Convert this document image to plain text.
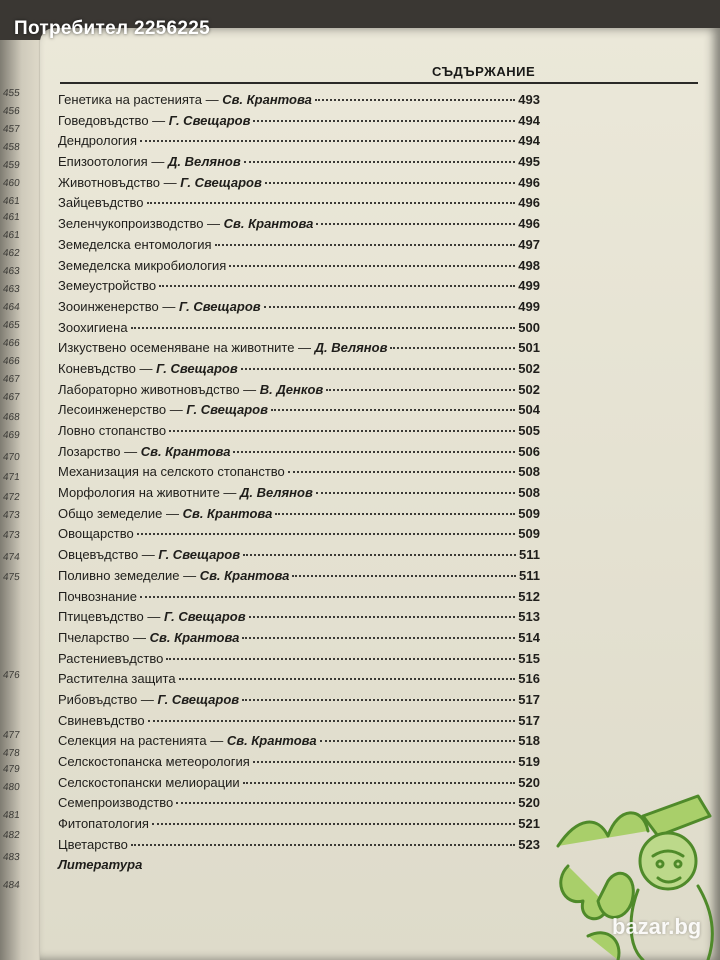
455
456
457
458
459
460
461
461
461
462
463
463
464
465
466
466
467
467
468
469
470
471
472
473
473
474
475
476
477
478
479
480
481
482
483
484
Потребител 2256225
СЪДЪРЖАНИЕ
Генетика на растенията — Св. Крантова	493
Говедовъдство — Г. Свещаров	494
Дендрология	494
Епизоотология — Д. Велянов	495
Животновъдство — Г. Свещаров	496
Зайцевъдство	496
Зеленчукопроизводство — Св. Крантова	496
Земеделска ентомология	497
Земеделска микробиология	498
Земеустройство	499
Зооинженерство — Г. Свещаров	499
Зоохигиена	500
Изкуствено осеменяване на животните — Д. Велянов	501
Коневъдство — Г. Свещаров	502
Лабораторно животновъдство — В. Денков	502
Лесоинженерство — Г. Свещаров	504
Ловно стопанство	505
Лозарство — Св. Крантова	506
Механизация на селското стопанство	508
Морфология на животните — Д. Велянов	508
Общо земеделие — Св. Крантова	509
Овощарство	509
Овцевъдство — Г. Свещаров	511
Поливно земеделие — Св. Крантова	511
Почвознание	512
Птицевъдство — Г. Свещаров	513
Пчеларство — Св. Крантова	514
Растениевъдство	515
Растителна защита	516
Рибовъдство — Г. Свещаров	517
Свиневъдство	517
Селекция на растенията — Св. Крантова	518
Селскостопанска метеорология	519
Селскостопански мелиорации	520
Семепроизводство	520
Фитопатология	521
Цветарство	523
Литература
bazar.bg
